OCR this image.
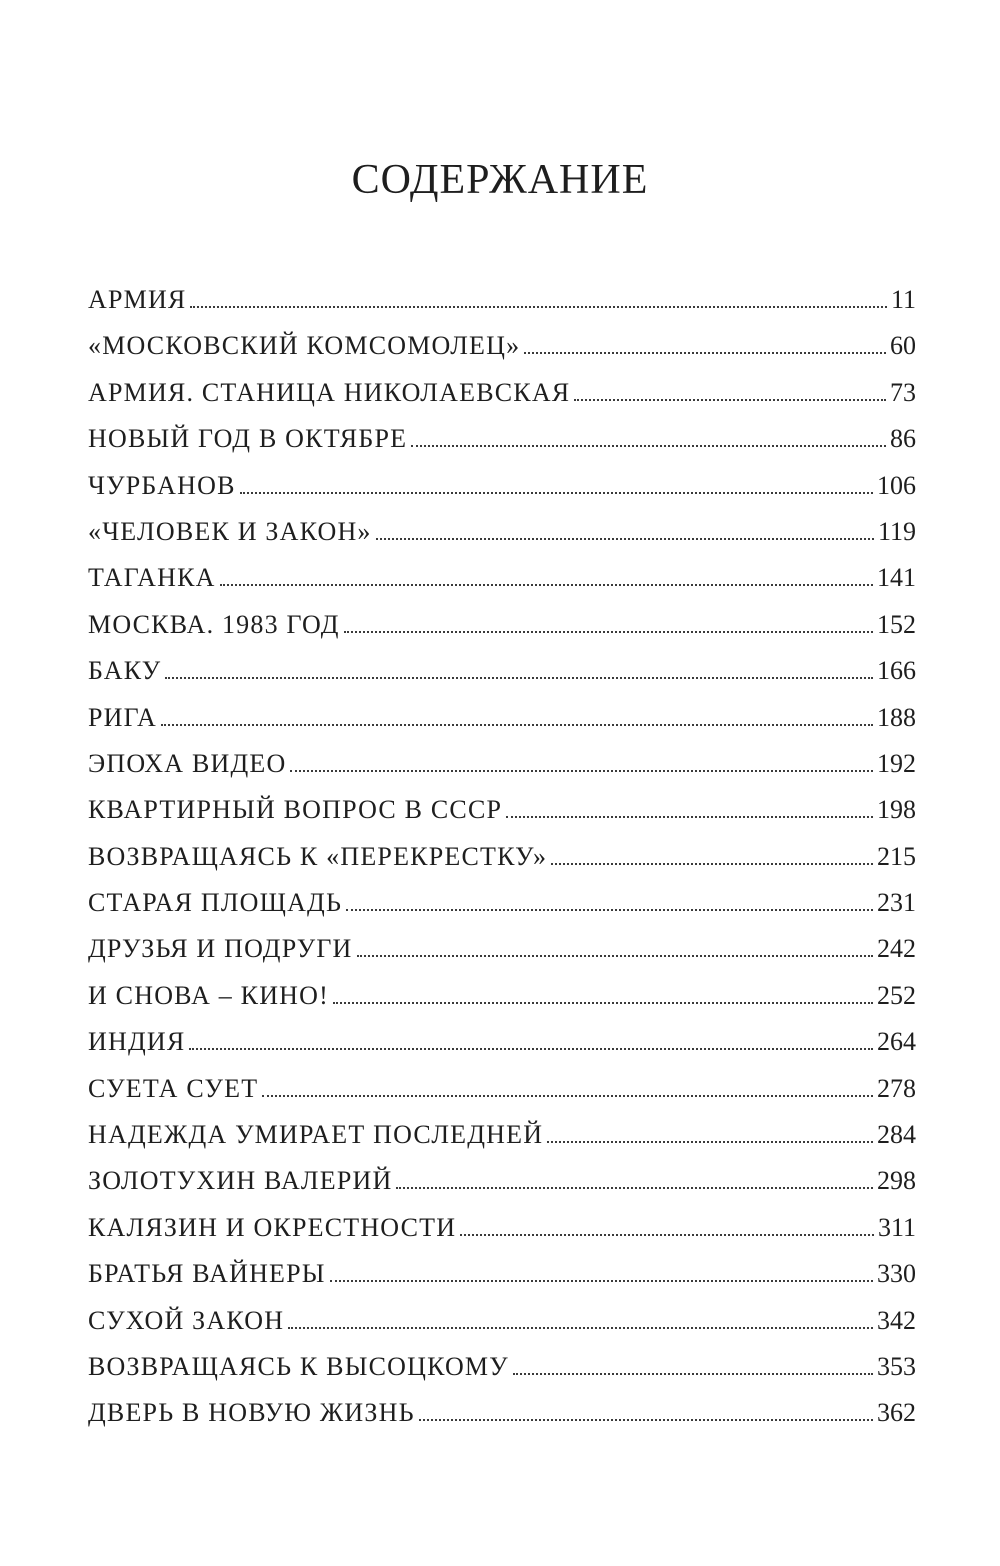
СОДЕРЖАНИЕ
АРМИЯ	11
«МОСКОВСКИЙ КОМСОМОЛЕЦ»	60
АРМИЯ. СТАНИЦА НИКОЛАЕВСКАЯ	73
НОВЫЙ ГОД В ОКТЯБРЕ	86
ЧУРБАНОВ	106
«ЧЕЛОВЕК И ЗАКОН»	119
ТАГАНКА	141
МОСКВА. 1983 ГОД	152
БАКУ	166
РИГА	188
ЭПОХА ВИДЕО	192
КВАРТИРНЫЙ ВОПРОС В СССР	198
ВОЗВРАЩАЯСЬ К «ПЕРЕКРЕСТКУ»	215
СТАРАЯ ПЛОЩАДЬ	231
ДРУЗЬЯ И ПОДРУГИ	242
И СНОВА – КИНО!	252
ИНДИЯ	264
СУЕТА СУЕТ	278
НАДЕЖДА УМИРАЕТ ПОСЛЕДНЕЙ	284
ЗОЛОТУХИН ВАЛЕРИЙ	298
КАЛЯЗИН И ОКРЕСТНОСТИ	311
БРАТЬЯ ВАЙНЕРЫ	330
СУХОЙ ЗАКОН	342
ВОЗВРАЩАЯСЬ К ВЫСОЦКОМУ	353
ДВЕРЬ В НОВУЮ ЖИЗНЬ	362
